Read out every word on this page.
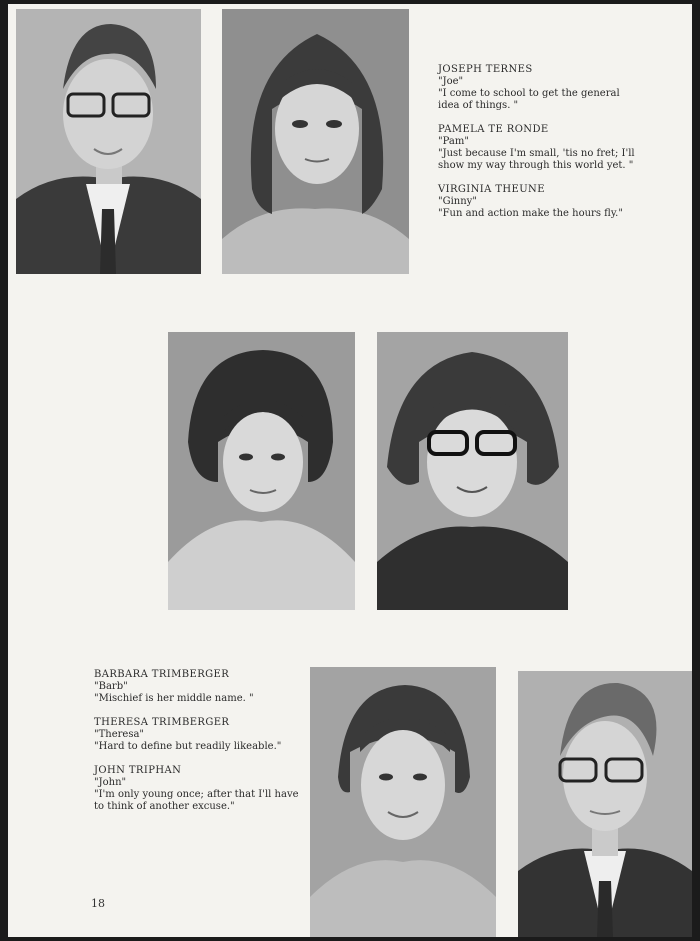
JOSEPH TERNES
"Joe"
"I come to school to get the general idea of things. "
PAMELA TE RONDE
"Pam"
"Just because I'm small, 'tis no fret; I'll show my way through this world yet. "
VIRGINIA THEUNE
"Ginny"
"Fun and action make the hours fly."
BARBARA TRIMBERGER
"Barb"
"Mischief is her middle name. "
THERESA TRIMBERGER
"Theresa"
"Hard to define but readily likeable."
JOHN TRIPHAN
"John"
"I'm only young once; after that I'll have to think of another excuse."
18
